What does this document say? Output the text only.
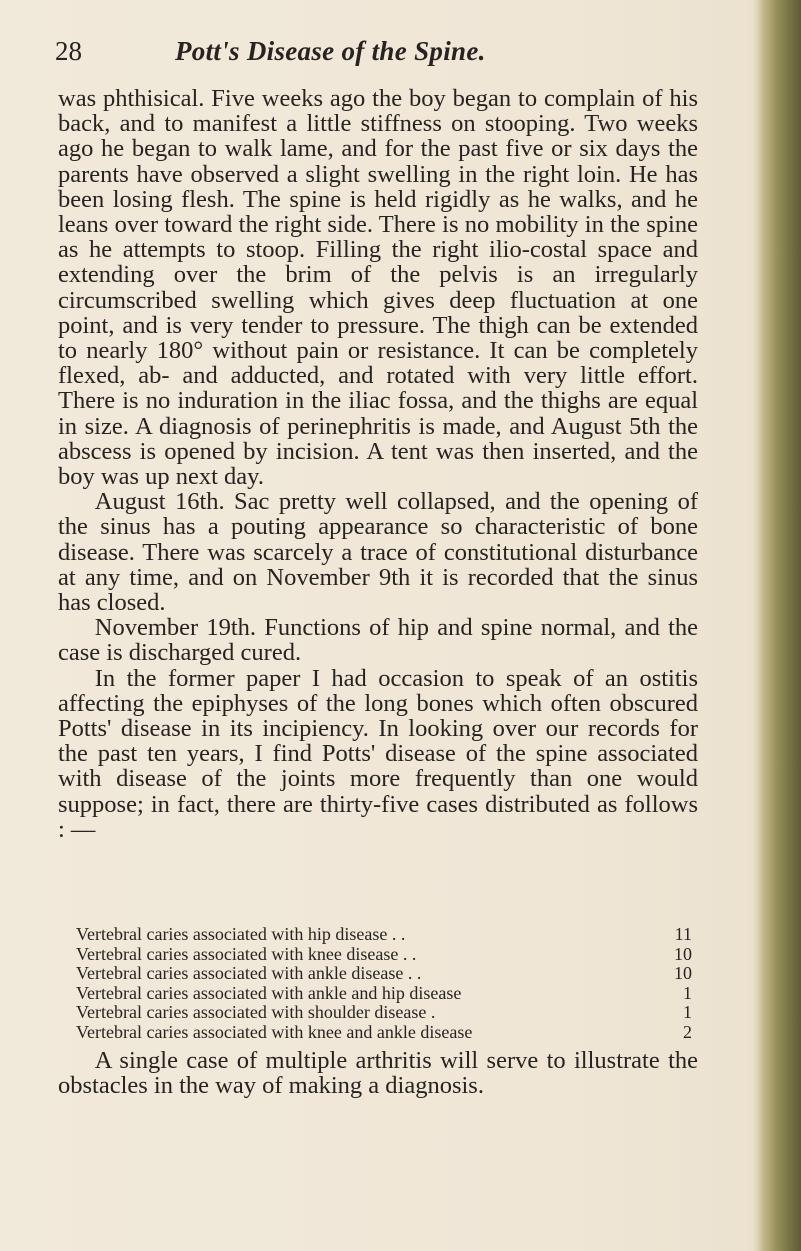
28	Pott's Disease of the Spine.

was phthisical. Five weeks ago the boy began to complain of his back, and to manifest a little stiffness on stooping. Two weeks ago he began to walk lame, and for the past five or six days the parents have observed a slight swelling in the right loin. He has been losing flesh. The spine is held rigidly as he walks, and he leans over toward the right side. There is no mobility in the spine as he attempts to stoop. Filling the right ilio-costal space and extending over the brim of the pelvis is an irregularly circumscribed swelling which gives deep fluctuation at one point, and is very tender to pressure. The thigh can be extended to nearly 180° without pain or resistance. It can be completely flexed, ab- and adducted, and rotated with very little effort. There is no induration in the iliac fossa, and the thighs are equal in size. A diagnosis of perinephritis is made, and August 5th the abscess is opened by incision. A tent was then inserted, and the boy was up next day.

August 16th. Sac pretty well collapsed, and the opening of the sinus has a pouting appearance so characteristic of bone disease. There was scarcely a trace of constitutional disturbance at any time, and on November 9th it is recorded that the sinus has closed.

November 19th. Functions of hip and spine normal, and the case is discharged cured.

In the former paper I had occasion to speak of an ostitis affecting the epiphyses of the long bones which often obscured Potts' disease in its incipiency. In looking over our records for the past ten years, I find Potts' disease of the spine associated with disease of the joints more frequently than one would suppose; in fact, there are thirty-five cases distributed as follows : —

Vertebral caries associated with hip disease . .	11
Vertebral caries associated with knee disease . .	10
Vertebral caries associated with ankle disease . .	10
Vertebral caries associated with ankle and hip disease	1
Vertebral caries associated with shoulder disease .	1
Vertebral caries associated with knee and ankle disease	2
A single case of multiple arthritis will serve to illustrate the obstacles in the way of making a diagnosis.
